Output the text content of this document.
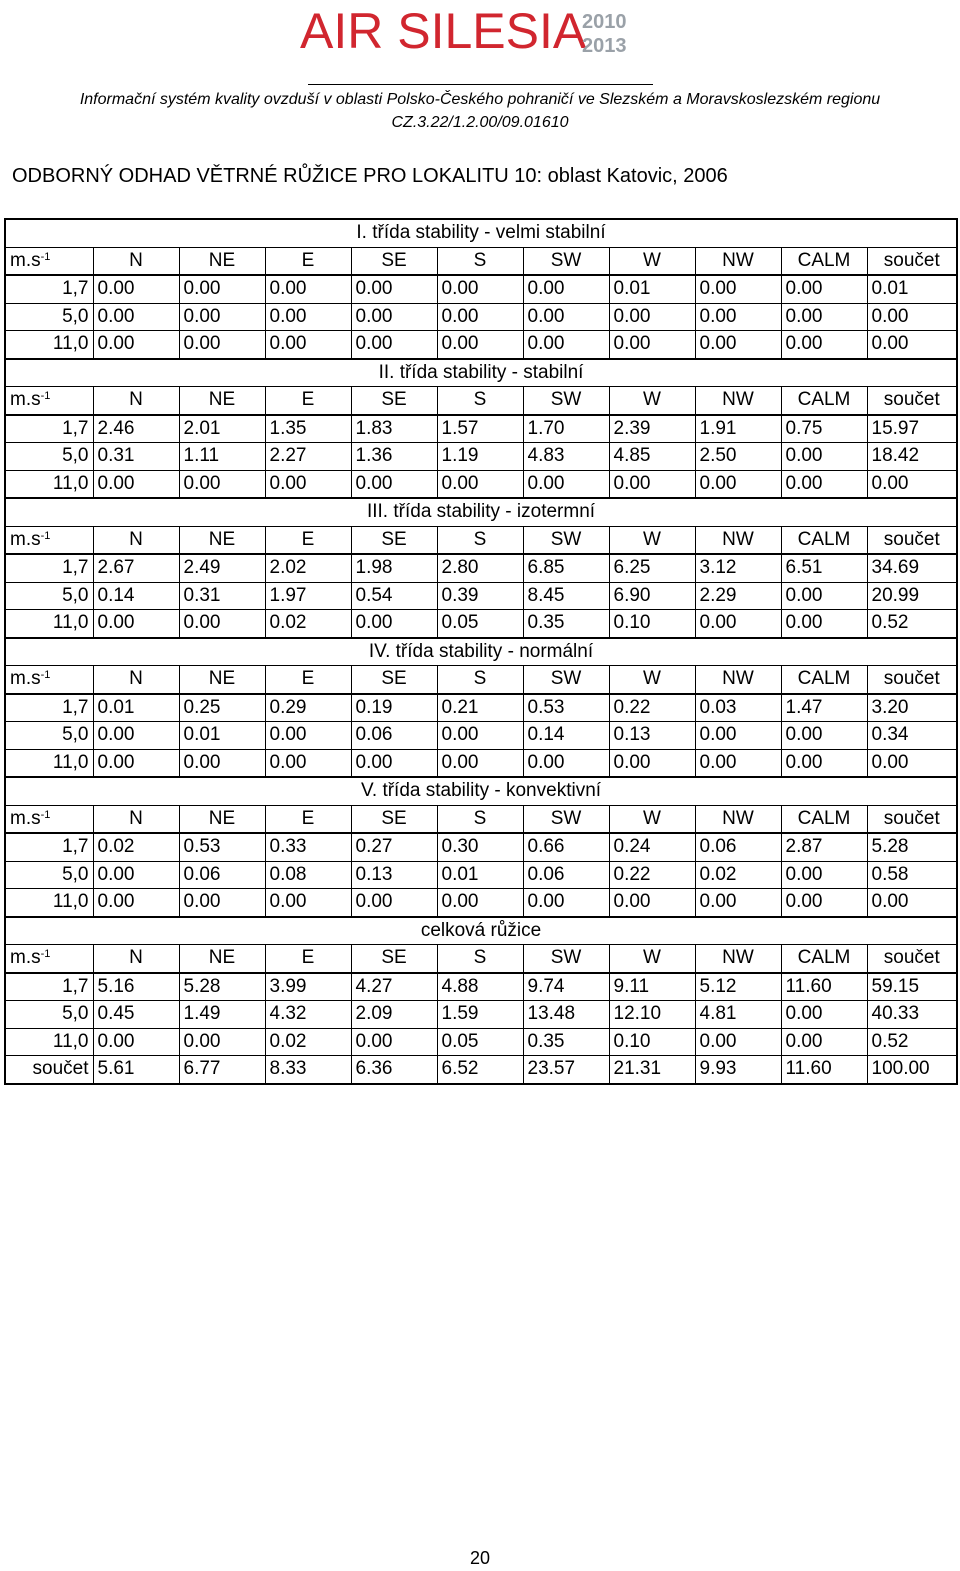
AIR SILESIA
2010
2013
Informační systém kvality ovzduší v oblasti Polsko-Českého pohraničí ve Slezském a Moravskoslezském regionu
CZ.3.22/1.2.00/09.01610
ODBORNÝ ODHAD VĚTRNÉ RŮŽICE PRO LOKALITU 10: oblast Katovic, 2006
I. třída stability - velmi stabilní										
$m.s^{-1}$	N	NE	E	SE	S	SW	W	NW	CALM	součet
1,7	0.00	0.00	0.00	0.00	0.00	0.00	0.01	0.00	0.00	0.01
5,0	0.00	0.00	0.00	0.00	0.00	0.00	0.00	0.00	0.00	0.00
11,0	0.00	0.00	0.00	0.00	0.00	0.00	0.00	0.00	0.00	0.00
II. třída stability - stabilní										
$m.s^{-1}$	N	NE	E	SE	S	SW	W	NW	CALM	součet
1,7	2.46	2.01	1.35	1.83	1.57	1.70	2.39	1.91	0.75	15.97
5,0	0.31	1.11	2.27	1.36	1.19	4.83	4.85	2.50	0.00	18.42
11,0	0.00	0.00	0.00	0.00	0.00	0.00	0.00	0.00	0.00	0.00
III. třída stability - izotermní										
$m.s^{-1}$	N	NE	E	SE	S	SW	W	NW	CALM	součet
1,7	2.67	2.49	2.02	1.98	2.80	6.85	6.25	3.12	6.51	34.69
5,0	0.14	0.31	1.97	0.54	0.39	8.45	6.90	2.29	0.00	20.99
11,0	0.00	0.00	0.02	0.00	0.05	0.35	0.10	0.00	0.00	0.52
IV. třída stability - normální										
$m.s^{-1}$	N	NE	E	SE	S	SW	W	NW	CALM	součet
1,7	0.01	0.25	0.29	0.19	0.21	0.53	0.22	0.03	1.47	3.20
5,0	0.00	0.01	0.00	0.06	0.00	0.14	0.13	0.00	0.00	0.34
11,0	0.00	0.00	0.00	0.00	0.00	0.00	0.00	0.00	0.00	0.00
V. třída stability - konvektivní										
$m.s^{-1}$	N	NE	E	SE	S	SW	W	NW	CALM	součet
1,7	0.02	0.53	0.33	0.27	0.30	0.66	0.24	0.06	2.87	5.28
5,0	0.00	0.06	0.08	0.13	0.01	0.06	0.22	0.02	0.00	0.58
11,0	0.00	0.00	0.00	0.00	0.00	0.00	0.00	0.00	0.00	0.00
celková růžice										
$m.s^{-1}$	N	NE	E	SE	S	SW	W	NW	CALM	součet
1,7	5.16	5.28	3.99	4.27	4.88	9.74	9.11	5.12	11.60	59.15
5,0	0.45	1.49	4.32	2.09	1.59	13.48	12.10	4.81	0.00	40.33
11,0	0.00	0.00	0.02	0.00	0.05	0.35	0.10	0.00	0.00	0.52
součet	5.61	6.77	8.33	6.36	6.52	23.57	21.31	9.93	11.60	100.00
20
